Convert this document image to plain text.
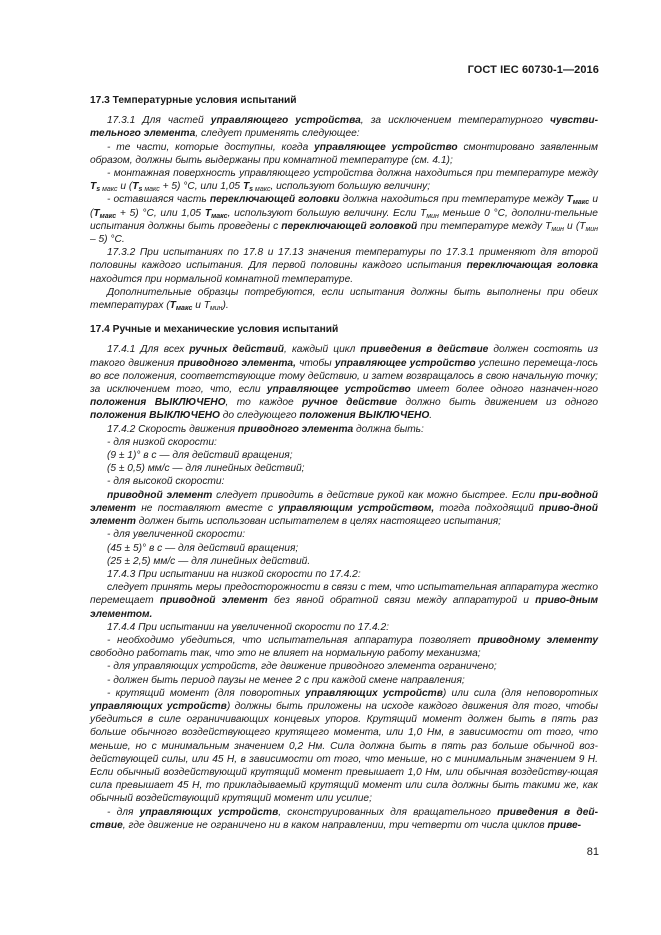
ГОСТ IEC 60730-1—2016
17.3 Температурные условия испытаний

17.3.1 Для частей управляющего устройства, за исключением температурного чувстви-тельного элемента, следует применять следующее:

- те части, которые доступны, когда управляющее устройство смонтировано заявленным образом, должны быть выдержаны при комнатной температуре (см. 4.1);

- монтажная поверхность управляющего устройства должна находиться при температуре между $T_{s макс}$ и $(T_{s макс} + 5)$ °С, или 1,05 $T_{s макс}$, используют большую величину;

- оставшаяся часть переключающей головки должна находиться при температуре между $T_{макс}$ и $(T_{макс} + 5)$ °С, или 1,05 $T_{макс}$, используют большую величину. Если $T_{мин}$ меньше 0 °С, дополни-тельные испытания должны быть проведены с переключающей головкой при температуре между $T_{мин}$ и $(T_{мин} - 5)$ °С.

17.3.2 При испытаниях по 17.8 и 17.13 значения температуры по 17.3.1 применяют для второй половины каждого испытания. Для первой половины каждого испытания переключающая головка находится при нормальной комнатной температуре.

Дополнительные образцы потребуются, если испытания должны быть выполнены при обеих температурах ($T_{макс}$ и $T_{мин}$).

17.4 Ручные и механические условия испытаний

17.4.1 Для всех ручных действий, каждый цикл приведения в действие должен состоять из такого движения приводного элемента, чтобы управляющее устройство успешно перемеща-лось во все положения, соответствующие тому действию, и затем возвращалось в свою начальную точку; за исключением того, что, если управляющее устройство имеет более одного назначен-ного положения ВЫКЛЮЧЕНО, то каждое ручное действие должно быть движением из одного положения ВЫКЛЮЧЕНО до следующего положения ВЫКЛЮЧЕНО.

17.4.2 Скорость движения приводного элемента должна быть:

- для низкой скорости:

(9 ± 1)° в с — для действий вращения;

(5 ± 0,5) мм/с — для линейных действий;

- для высокой скорости:

приводной элемент следует приводить в действие рукой как можно быстрее. Если при-водной элемент не поставляют вместе с управляющим устройством, тогда подходящий приво-дной элемент должен быть использован испытателем в целях настоящего испытания;

- для увеличенной скорости:

(45 ± 5)° в с — для действий вращения;

(25 ± 2,5) мм/с — для линейных действий.

17.4.3 При испытании на низкой скорости по 17.4.2:

следует принять меры предосторожности в связи с тем, что испытательная аппаратура жестко перемещает приводной элемент без явной обратной связи между аппаратурой и приво-дным элементом.

17.4.4 При испытании на увеличенной скорости по 17.4.2:

- необходимо убедиться, что испытательная аппаратура позволяет приводному элементу свободно работать так, что это не влияет на нормальную работу механизма;

- для управляющих устройств, где движение приводного элемента ограничено;

- должен быть период паузы не менее 2 с при каждой смене направления;

- крутящий момент (для поворотных управляющих устройств) или сила (для неповоротных управляющих устройств) должны быть приложены на исходе каждого движения для того, чтобы убедиться в силе ограничивающих концевых упоров. Крутящий момент должен быть в пять раз больше обычного воздействующего крутящего момента, или 1,0 Нм, в зависимости от того, что меньше, но с минимальным значением 0,2 Нм. Сила должна быть в пять раз больше обычной воз-действующей силы, или 45 Н, в зависимости от того, что меньше, но с минимальным значением 9 Н. Если обычный воздействующий крутящий момент превышает 1,0 Нм, или обычная воздейству-ющая сила превышает 45 Н, то прикладываемый крутящий момент или сила должны быть такими же, как обычный воздействующий крутящий момент или усилие;

- для управляющих устройств, сконструированных для вращательного приведения в дей-ствие, где движение не ограничено ни в каком направлении, три четверти от числа циклов приве-

81
